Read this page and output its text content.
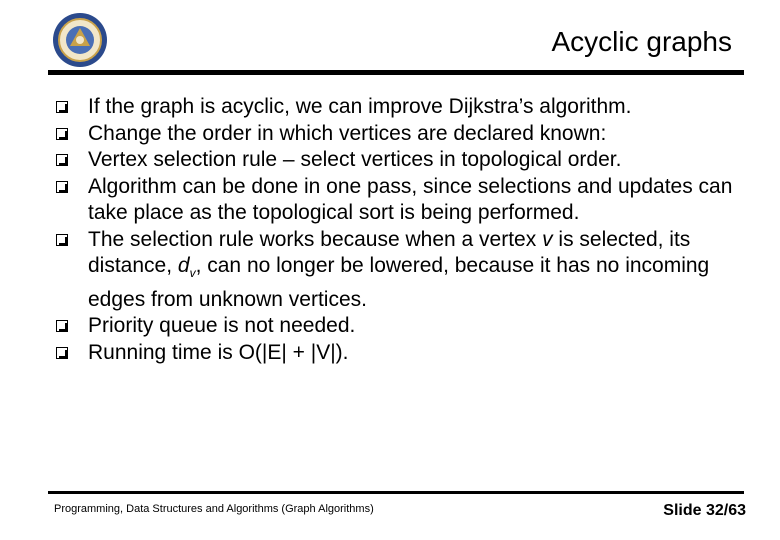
Acyclic graphs
If the graph is acyclic, we can improve Dijkstra’s algorithm.
Change the order in which vertices are declared known:
Vertex selection rule – select vertices in topological order.
Algorithm can be done in one pass, since selections and updates can take place as the topological sort is being performed.
The selection rule works because when a vertex v is selected, its distance, $d_v$, can no longer be lowered, because it has no incoming edges from unknown vertices.
Priority queue is not needed.
Running time is O(|E| + |V|).
Programming, Data Structures and Algorithms (Graph Algorithms)	Slide 32/63
